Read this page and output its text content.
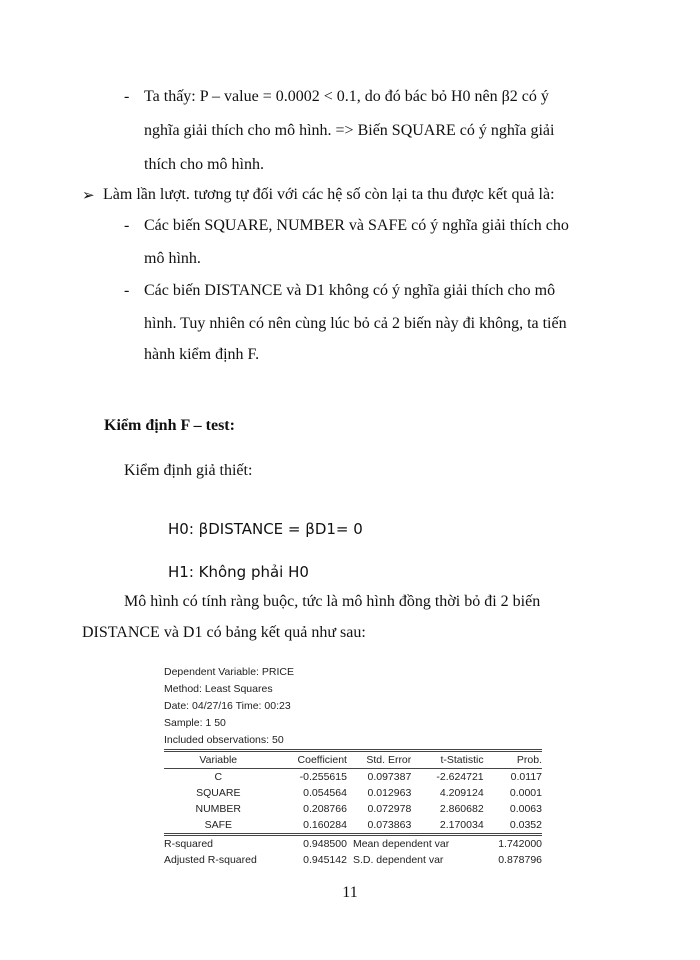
- Ta thấy: P – value = 0.0002 < 0.1, do đó bác bỏ H0 nên β2 có ý

nghĩa giải thích cho mô hình. => Biến SQUARE có ý nghĩa giải

thích cho mô hình.

➢ Làm lần lượt. tương tự đối với các hệ số còn lại ta thu được kết quả là:

- Các biến SQUARE, NUMBER và SAFE có ý nghĩa giải thích cho

mô hình.

- Các biến DISTANCE và D1 không có ý nghĩa giải thích cho mô

hình. Tuy nhiên có nên cùng lúc bỏ cả 2 biến này đi không, ta tiến

hành kiểm định F.

Kiểm định F – test:

Kiểm định giả thiết:

H0: βDISTANCE = βD1= 0

H1: Không phải H0

Mô hình có tính ràng buộc, tức là mô hình đồng thời bỏ đi 2 biến

DISTANCE và D1 có bảng kết quả như sau:

Dependent Variable: PRICE
Method: Least Squares
Date: 04/27/16 Time: 00:23
Sample: 1 50
Included observations: 50
Variable	Coefficient	Std. Error	t-Statistic	Prob.
C	-0.255615	0.097387	-2.624721	0.0117
SQUARE	0.054564	0.012963	4.209124	0.0001
NUMBER	0.208766	0.072978	2.860682	0.0063
SAFE	0.160284	0.073863	2.170034	0.0352
R-squared	0.948500	Mean dependent var		1.742000
Adjusted R-squared	0.945142	S.D. dependent var		0.878796
11
